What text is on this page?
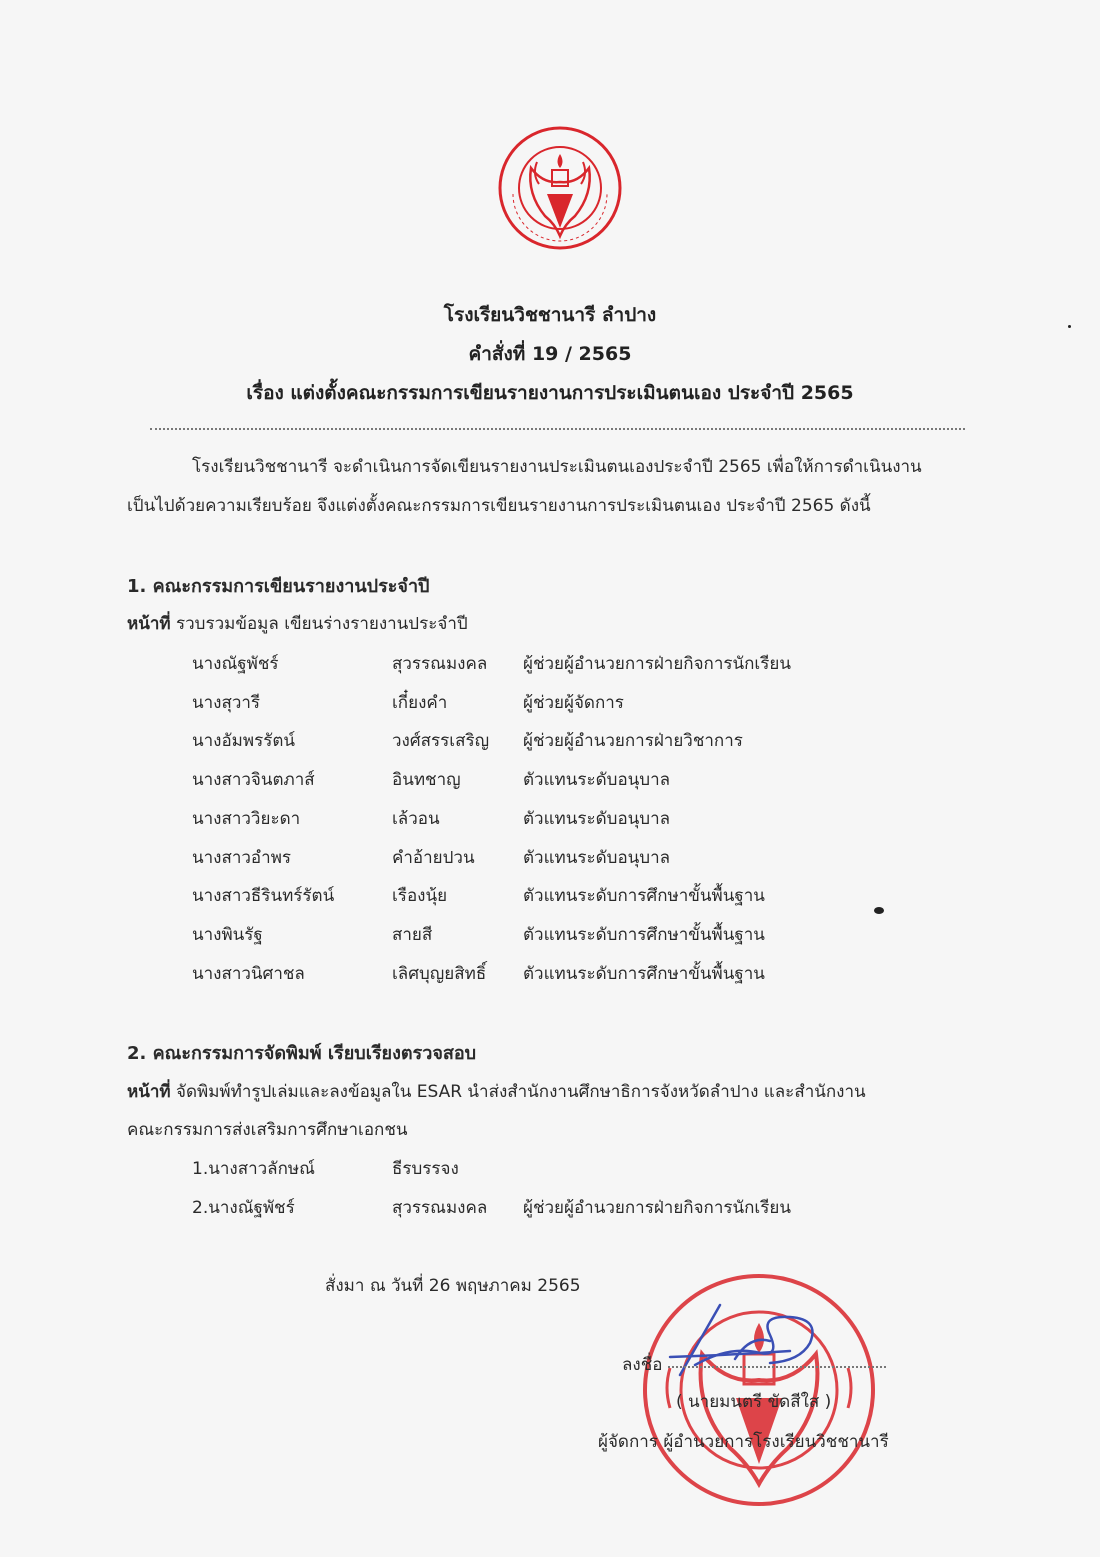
โรงเรียนวิชชานารี ลำปาง
คำสั่งที่ 19 / 2565
เรื่อง แต่งตั้งคณะกรรมการเขียนรายงานการประเมินตนเอง ประจำปี 2565
โรงเรียนวิชชานารี จะดำเนินการจัดเขียนรายงานประเมินตนเองประจำปี 2565 เพื่อให้การดำเนินงาน
เป็นไปด้วยความเรียบร้อย จึงแต่งตั้งคณะกรรมการเขียนรายงานการประเมินตนเอง ประจำปี 2565 ดังนี้
1. คณะกรรมการเขียนรายงานประจำปี
หน้าที่ รวบรวมข้อมูล เขียนร่างรายงานประจำปี
นางณัฐพัชร์	สุวรรณมงคล ผู้ช่วยผู้อำนวยการฝ่ายกิจการนักเรียน
นางสุวารี	เกี๋ยงคำ	ผู้ช่วยผู้จัดการ
นางอัมพรรัตน์	วงศ์สรรเสริญ ผู้ช่วยผู้อำนวยการฝ่ายวิชาการ
นางสาวจินตภาส์	อินทชาญ	ตัวแทนระดับอนุบาล
นางสาววิยะดา	เล้วอน	ตัวแทนระดับอนุบาล
นางสาวอำพร	คำอ้ายปวน	ตัวแทนระดับอนุบาล
นางสาวธีรินทร์รัตน์	เรืองนุ้ย	ตัวแทนระดับการศึกษาขั้นพื้นฐาน
นางพินรัฐ	สายสี	ตัวแทนระดับการศึกษาขั้นพื้นฐาน
นางสาวนิศาชล	เลิศบุญยสิทธิ์ ตัวแทนระดับการศึกษาขั้นพื้นฐาน
2. คณะกรรมการจัดพิมพ์ เรียบเรียงตรวจสอบ
หน้าที่ จัดพิมพ์ทำรูปเล่มและลงข้อมูลใน ESAR นำส่งสำนักงานศึกษาธิการจังหวัดลำปาง และสำนักงาน
คณะกรรมการส่งเสริมการศึกษาเอกชน
1.นางสาวลักษณ์	ธีรบรรจง
2.นางณัฐพัชร์	สุวรรณมงคล ผู้ช่วยผู้อำนวยการฝ่ายกิจการนักเรียน
สั่งมา ณ วันที่ 26 พฤษภาคม 2565
ลงชื่อ
( นายมนตรี ขัดสีใส )
ผู้จัดการ ผู้อำนวยการโรงเรียนวิชชานารี
